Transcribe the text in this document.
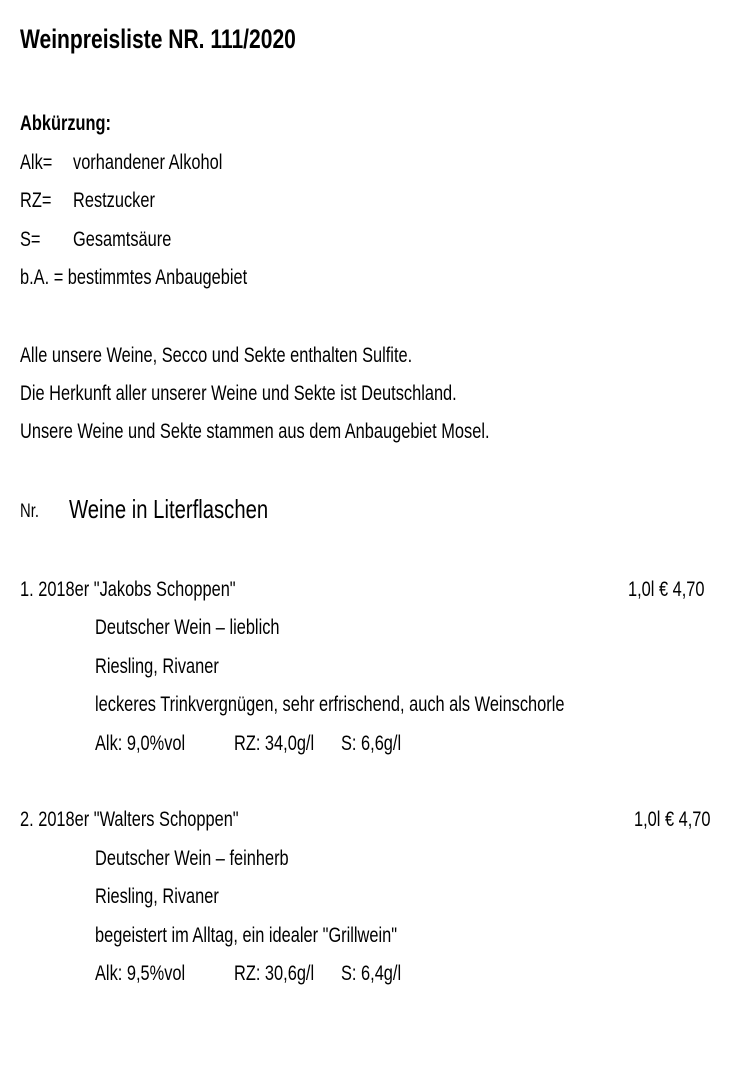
Weinpreisliste NR. 111/2020
Abkürzung:
Alk= vorhandener Alkohol
RZ= Restzucker
S= Gesamtsäure
b.A. = bestimmtes Anbaugebiet
Alle unsere Weine, Secco und Sekte enthalten Sulfite.
Die Herkunft aller unserer Weine und Sekte ist Deutschland.
Unsere Weine und Sekte stammen aus dem Anbaugebiet Mosel.
Nr. Weine in Literflaschen
1. 2018er "Jakobs Schoppen"	1,0l € 4,70
Deutscher Wein – lieblich
Riesling, Rivaner
leckeres Trinkvergnügen, sehr erfrischend, auch als Weinschorle
Alk: 9,0%vol RZ: 34,0g/l S: 6,6g/l
2. 2018er "Walters Schoppen"	1,0l € 4,70
Deutscher Wein – feinherb
Riesling, Rivaner
begeistert im Alltag, ein idealer "Grillwein"
Alk: 9,5%vol RZ: 30,6g/l S: 6,4g/l
